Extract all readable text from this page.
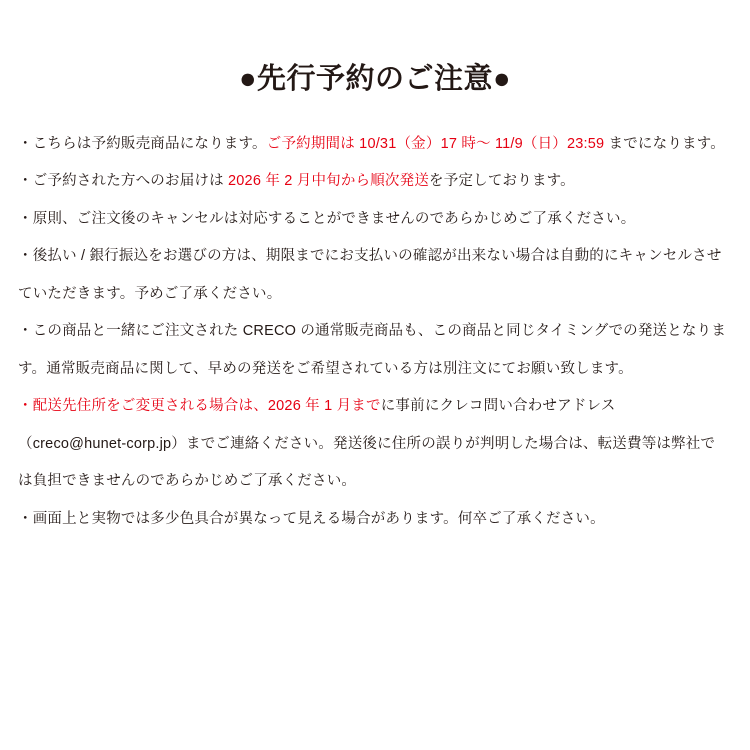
●先行予約のご注意●
・こちらは予約販売商品になります。ご予約期間は 10/31（金）17 時〜 11/9（日）23:59 までになります。
・ご予約された方へのお届けは 2026 年 2 月中旬から順次発送を予定しております。
・原則、ご注文後のキャンセルは対応することができませんのであらかじめご了承ください。
・後払い / 銀行振込をお選びの方は、期限までにお支払いの確認が出来ない場合は自動的にキャンセルさせ
ていただきます。予めご了承ください。
・この商品と一緒にご注文された CRECO の通常販売商品も、この商品と同じタイミングでの発送となりま
す。通常販売商品に関して、早めの発送をご希望されている方は別注文にてお願い致します。
・配送先住所をご変更される場合は、2026 年 1 月までに事前にクレコ問い合わせアドレス
（creco@hunet-corp.jp）までご連絡ください。発送後に住所の誤りが判明した場合は、転送費等は弊社で
は負担できませんのであらかじめご了承ください。
・画面上と実物では多少色具合が異なって見える場合があります。何卒ご了承ください。
